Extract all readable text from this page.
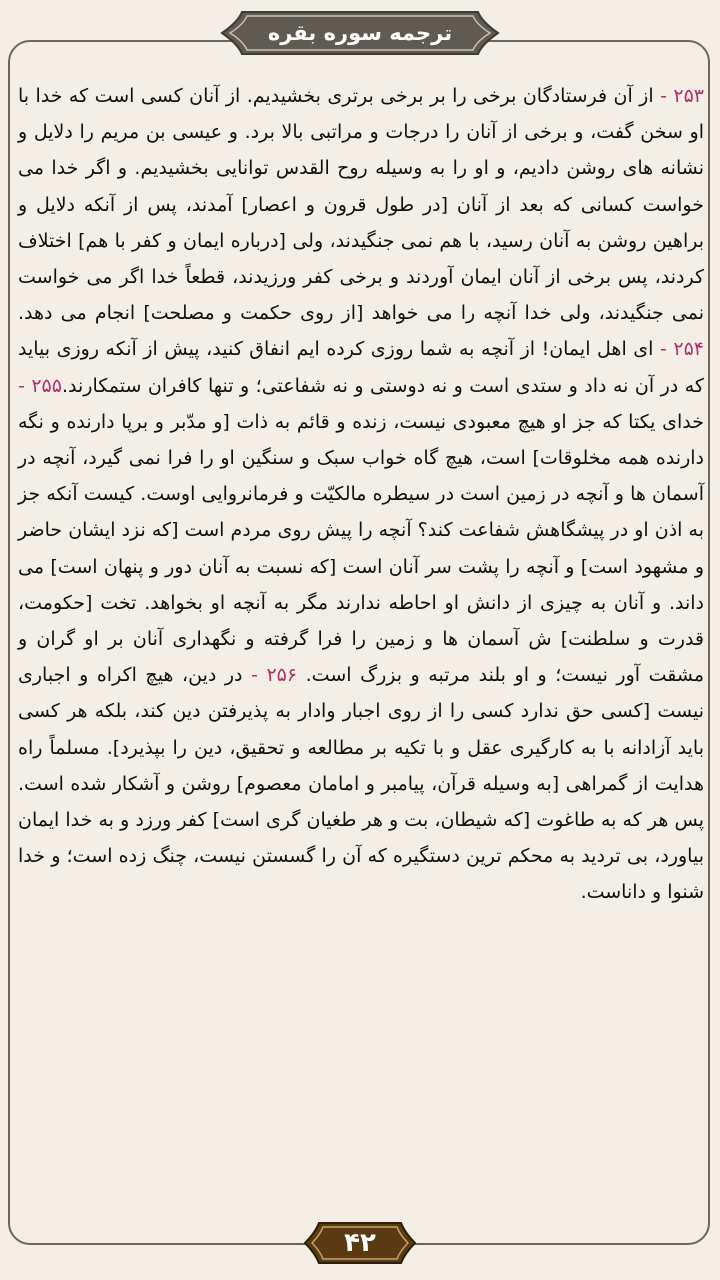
ترجمه سوره بقره

۲۵۳ - از آن فرستادگان برخی را بر برخی برتری بخشیدیم. از آنان کسی است که خدا با او سخن گفت، و برخی از آنان را درجات و مراتبی بالا برد. و عیسی بن مریم را دلایل و نشانه های روشن دادیم، و او را به وسیله روح القدس توانایی بخشیدیم. و اگر خدا می خواست کسانی که بعد از آنان [در طول قرون و اعصار] آمدند، پس از آنکه دلایل و براهین روشن به آنان رسید، با هم نمی جنگیدند، ولی [درباره ایمان و کفر با هم] اختلاف کردند، پس برخی از آنان ایمان آوردند و برخی کفر ورزیدند، قطعاً خدا اگر می خواست نمی جنگیدند، ولی خدا آنچه را می خواهد [از روی حکمت و مصلحت] انجام می دهد. ۲۵۴ - ای اهل ایمان! از آنچه به شما روزی کرده ایم انفاق کنید، پیش از آنکه روزی بیاید که در آن نه داد و ستدی است و نه دوستی و نه شفاعتی؛ و تنها کافران ستمکارند.۲۵۵ - خدای یکتا که جز او هیچ معبودی نیست، زنده و قائم به ذات [و مدّبر و برپا دارنده و نگه دارنده همه مخلوقات] است، هیچ گاه خواب سبک و سنگین او را فرا نمی گیرد، آنچه در آسمان ها و آنچه در زمین است در سیطره مالکیّت و فرمانروایی اوست. کیست آنکه جز به اذن او در پیشگاهش شفاعت کند؟ آنچه را پیش روی مردم است [که نزد ایشان حاضر و مشهود است] و آنچه را پشت سر آنان است [که نسبت به آنان دور و پنهان است] می داند. و آنان به چیزی از دانش او احاطه ندارند مگر به آنچه او بخواهد. تخت [حکومت، قدرت و سلطنت] ش آسمان ها و زمین را فرا گرفته و نگهداری آنان بر او گران و مشقت آور نیست؛ و او بلند مرتبه و بزرگ است. ۲۵۶ - در دین، هیچ اکراه و اجباری نیست [کسی حق ندارد کسی را از روی اجبار وادار به پذیرفتن دین کند، بلکه هر کسی باید آزادانه با به کارگیری عقل و با تکیه بر مطالعه و تحقیق، دین را بپذیرد]. مسلماً راه هدایت از گمراهی [به وسیله قرآن، پیامبر و امامان معصوم] روشن و آشکار شده است. پس هر که به طاغوت [که شیطان، بت و هر طغیان گری است] کفر ورزد و به خدا ایمان بیاورد، بی تردید به محکم ترین دستگیره که آن را گسستن نیست، چنگ زده است؛ و خدا شنوا و داناست.

۴۲
